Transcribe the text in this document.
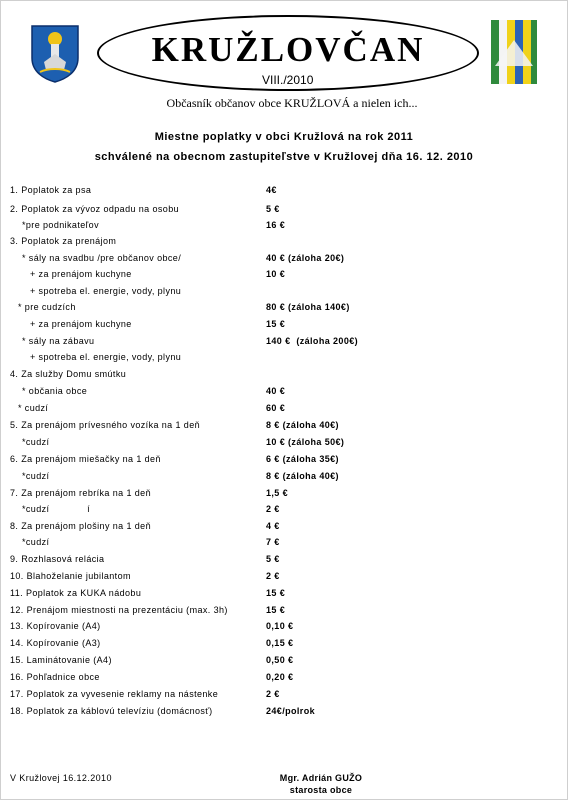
KRUŽLOVČAN
VIII./2010
Občasník občanov obce KRUŽLOVÁ a nielen ich...
Miestne poplatky v obci Kružlová na rok 2011
schválené na obecnom zastupiteľstve v Kružlovej dňa 16. 12. 2010
1. Poplatok za psa	4€
2. Poplatok za vývoz odpadu na osobu	5 €
*pre podnikateľov	16 €
3. Poplatok za prenájom
* sály na svadbu /pre občanov obce/	40 € (záloha 20€)
+ za prenájom kuchyne	10 €
+ spotreba el. energie, vody, plynu
* pre cudzích	80 € (záloha 140€)
+ za prenájom kuchyne	15 €
* sály na zábavu	140 €  (záloha 200€)
+ spotreba el. energie, vody, plynu
4. Za služby Domu smútku
* občania obce	40 €
* cudzí	60 €
5. Za prenájom prívesného vozíka na 1 deň	8 € (záloha 40€)
*cudzí	10 € (záloha 50€)
6. Za prenájom miešačky na 1 deň	6 € (záloha 35€)
*cudzí	8 € (záloha 40€)
7. Za prenájom rebríka na 1 deň	1,5 €
*cudzí             í	2 €
8. Za prenájom plošiny na 1 deň	4 €
*cudzí	7 €
9. Rozhlasová relácia	5 €
10. Blahoželanie jubilantom	2 €
11. Poplatok za KUKA nádobu	15 €
12. Prenájom miestnosti na prezentáciu (max. 3h)	15 €
13. Kopírovanie (A4)	0,10 €
14. Kopírovanie (A3)	0,15 €
15. Laminátovanie (A4)	0,50 €
16. Pohľadnice obce	0,20 €
17. Poplatok za vyvesenie reklamy na nástenke	2 €
18. Poplatok za káblovú televíziu (domácnosť)	24€/polrok
V Kružlovej 16.12.2010	Mgr. Adrián GUŽO
starosta obce
